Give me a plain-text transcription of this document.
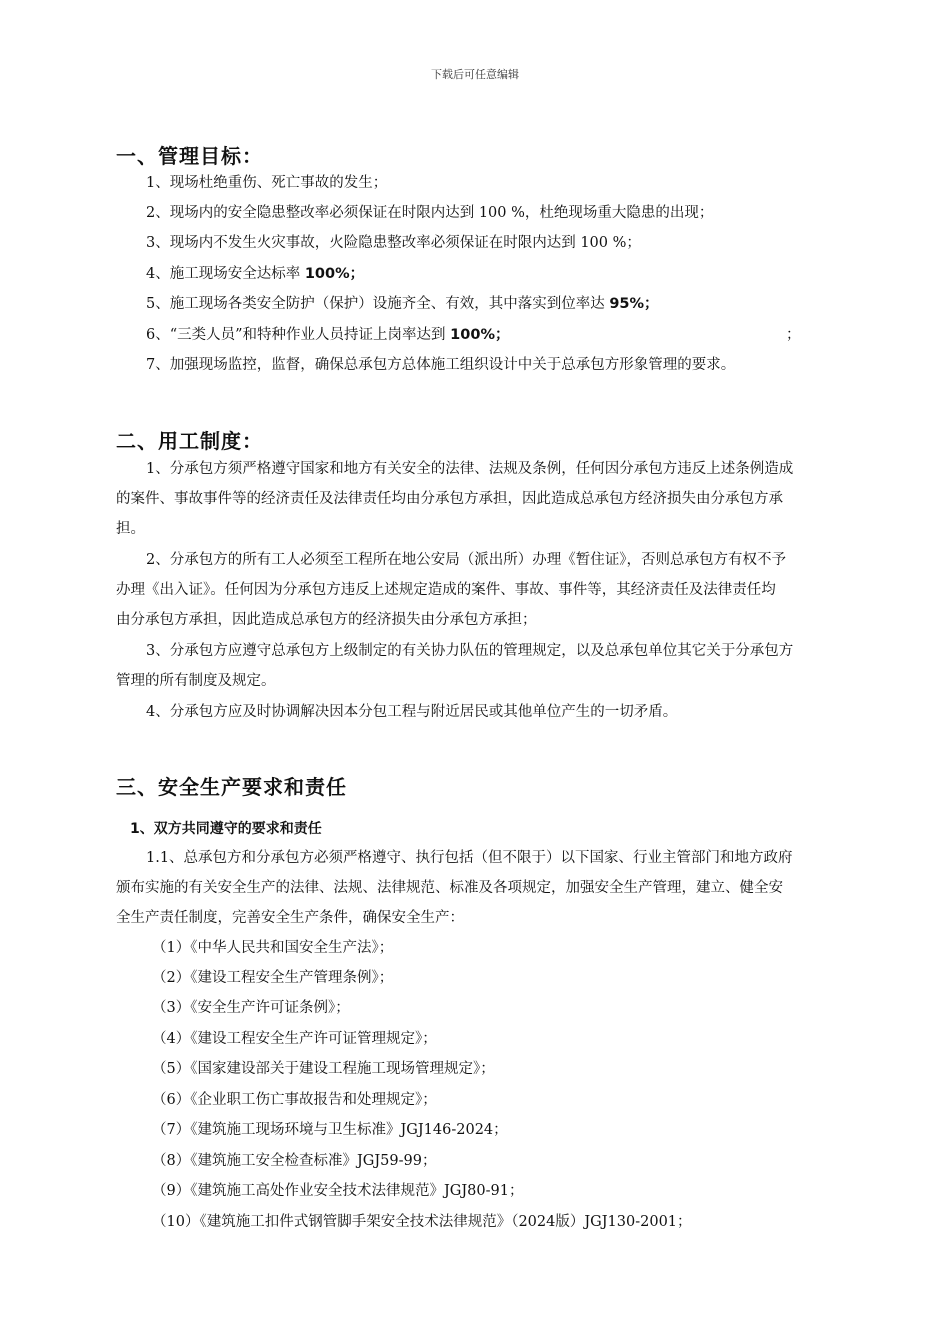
下载后可任意编辑
一、管理目标：
1、现场杜绝重伤、死亡事故的发生；
2、现场内的安全隐患整改率必须保证在时限内达到 100 %，杜绝现场重大隐患的出现；
3、现场内不发生火灾事故，火险隐患整改率必须保证在时限内达到 100 %；
4、施工现场安全达标率 100%；
5、施工现场各类安全防护（保护）设施齐全、有效，其中落实到位率达 95%；
6、“三类人员”和特种作业人员持证上岗率达到 100%；	；
7、加强现场监控，监督，确保总承包方总体施工组织设计中关于总承包方形象管理的要求。
二、用工制度：
1、分承包方须严格遵守国家和地方有关安全的法律、法规及条例，任何因分承包方违反上述条例造成
的案件、事故事件等的经济责任及法律责任均由分承包方承担，因此造成总承包方经济损失由分承包方承
担。
2、分承包方的所有工人必须至工程所在地公安局（派出所）办理《暂住证》，否则总承包方有权不予
办理《出入证》。任何因为分承包方违反上述规定造成的案件、事故、事件等，其经济责任及法律责任均
由分承包方承担，因此造成总承包方的经济损失由分承包方承担；
3、分承包方应遵守总承包方上级制定的有关协力队伍的管理规定，以及总承包单位其它关于分承包方
管理的所有制度及规定。
4、分承包方应及时协调解决因本分包工程与附近居民或其他单位产生的一切矛盾。
三、安全生产要求和责任
1、双方共同遵守的要求和责任
1.1、总承包方和分承包方必须严格遵守、执行包括（但不限于）以下国家、行业主管部门和地方政府
颁布实施的有关安全生产的法律、法规、法律规范、标准及各项规定，加强安全生产管理，建立、健全安
全生产责任制度，完善安全生产条件，确保安全生产：
（1）《中华人民共和国安全生产法》；
（2）《建设工程安全生产管理条例》；
（3）《安全生产许可证条例》；
（4）《建设工程安全生产许可证管理规定》；
（5）《国家建设部关于建设工程施工现场管理规定》；
（6）《企业职工伤亡事故报告和处理规定》；
（7）《建筑施工现场环境与卫生标准》JGJ146-2024；
（8）《建筑施工安全检查标准》JGJ59-99；
（9）《建筑施工高处作业安全技术法律规范》JGJ80-91；
（10）《建筑施工扣件式钢管脚手架安全技术法律规范》（2024版）JGJ130-2001；
